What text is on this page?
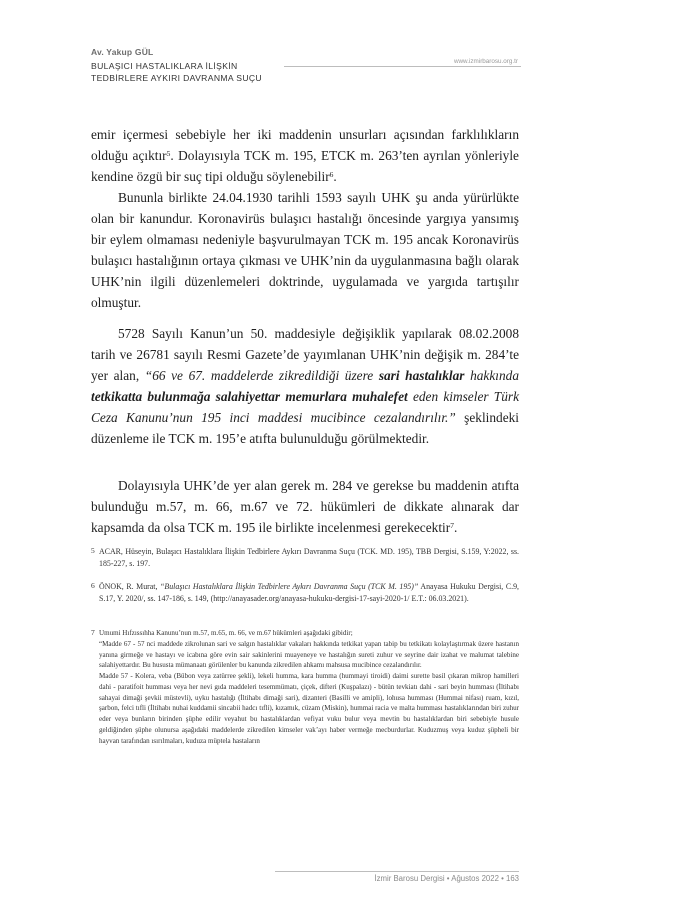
Av. Yakup GÜL
BULAŞICI HASTALIKLARA İLİŞKİN
TEDBİRLERE AYKIRI DAVRANMA SUÇU
www.izmirbarosu.org.tr

emir içermesi sebebiyle her iki maddenin unsurları açısından farklılıkların olduğu açıktır$^5$. Dolayısıyla TCK m. 195, ETCK m. 263’ten ayrılan yönleriyle kendine özgü bir suç tipi olduğu söylenebilir$^6$.

Bununla birlikte 24.04.1930 tarihli 1593 sayılı UHK şu anda yürürlükte olan bir kanundur. Koronavirüs bulaşıcı hastalığı öncesinde yargıya yansımış bir eylem olmaması nedeniyle başvurulmayan TCK m. 195 ancak Koronavirüs bulaşıcı hastalığının ortaya çıkması ve UHK’nin da uygulanmasına bağlı olarak UHK’nin ilgili düzenlemeleri doktrinde, uygulamada ve yargıda tartışılır olmuştur.

5728 Sayılı Kanun’un 50. maddesiyle değişiklik yapılarak 08.02.2008 tarih ve 26781 sayılı Resmi Gazete’de yayımlanan UHK’nin değişik m. 284’te yer alan, “66 ve 67. maddelerde zikredildiği üzere sari hastalıklar hakkında tetkikatta bulunmağa salahiyettar memurlara muhalefet eden kimseler Türk Ceza Kanunu’nun 195 inci maddesi mucibince cezalandırılır.” şeklindeki düzenleme ile TCK m. 195’e atıfta bulunulduğu görülmektedir.

Dolayısıyla UHK’de yer alan gerek m. 284 ve gerekse bu maddenin atıfta bulunduğu m.57, m. 66, m.67 ve 72. hükümleri de dikkate alınarak dar kapsamda da olsa TCK m. 195 ile birlikte incelenmesi gerekecektir$^7$.

5 ACAR, Hüseyin, Bulaşıcı Hastalıklara İlişkin Tedbirlere Aykırı Davranma Suçu (TCK. MD. 195), TBB Dergisi, S.159, Y:2022, ss. 185-227, s. 197.

6 ÖNOK, R. Murat, “Bulaşıcı Hastalıklara İlişkin Tedbirlere Aykırı Davranma Suçu (TCK M. 195)” Anayasa Hukuku Dergisi, C.9, S.17, Y. 2020/, ss. 147-186, s. 149, (http://anayasader.org/anayasa-hukuku-dergisi-17-sayi-2020-1/ E.T.: 06.03.2021).

7 Umumi Hıfzıssıhha Kanunu’nun m.57, m.65, m. 66, ve m.67 hükümleri aşağıdaki gibidir;

“Madde 67 - 57 nci maddede zikrolunan sari ve salgın hastalıklar vakaları hakkında tetkikat yapan tabip bu tetkikatı kolaylaştırmak üzere hastanın yanına girmeğe ve hastayı ve icabına göre evin sair sakinlerini muayeneye ve hastalığın sureti zuhur ve seyrine dair izahat ve malumat talebine salahiyettardır. Bu hususta mümanaatı görülenler bu kanunda zikredilen ahkamı mahsusa mucibince cezalandırılır.

Madde 57 - Kolera, veba (Bübon veya zatürree şekli), lekeli humma, kara humma (hummayi tiroidi) daimi surette basil çıkaran mikrop hamilleri dahi - paratifoit humması veya her nevi gıda maddeleri tesemmümatı, çiçek, difteri (Kuşpalazı) - bütün tevkiatı dahi - sari beyin humması (İltihabı sahayai dimaği şevkii müstevli), uyku hastalığı (İltihabı dimaği sari), dizanteri (Basilli ve amipli), lohusa humması (Hummai nifası) ruam, kızıl, şarbon, felci tıfli (İltihabı nuhai kuddamii sincabii hadcı tıfli), kızamık, cüzam (Miskin), hummai racia ve malta humması hastalıklarından biri zuhur eder veya bunların birinden şüphe edilir veyahut bu hastalıklardan vefiyat vuku bulur veya mevtin bu hastalıklardan biri sebebiyle husule geldiğinden şüphe olunursa aşağıdaki maddelerde zikredilen kimseler vak’ayı haber vermeğe mecburdurlar. Kuduzmuş veya kuduz şüpheli bir hayvan tarafından ısırılmaları, kuduza müptela hastaların

İzmir Barosu Dergisi • Ağustos 2022 • 163
